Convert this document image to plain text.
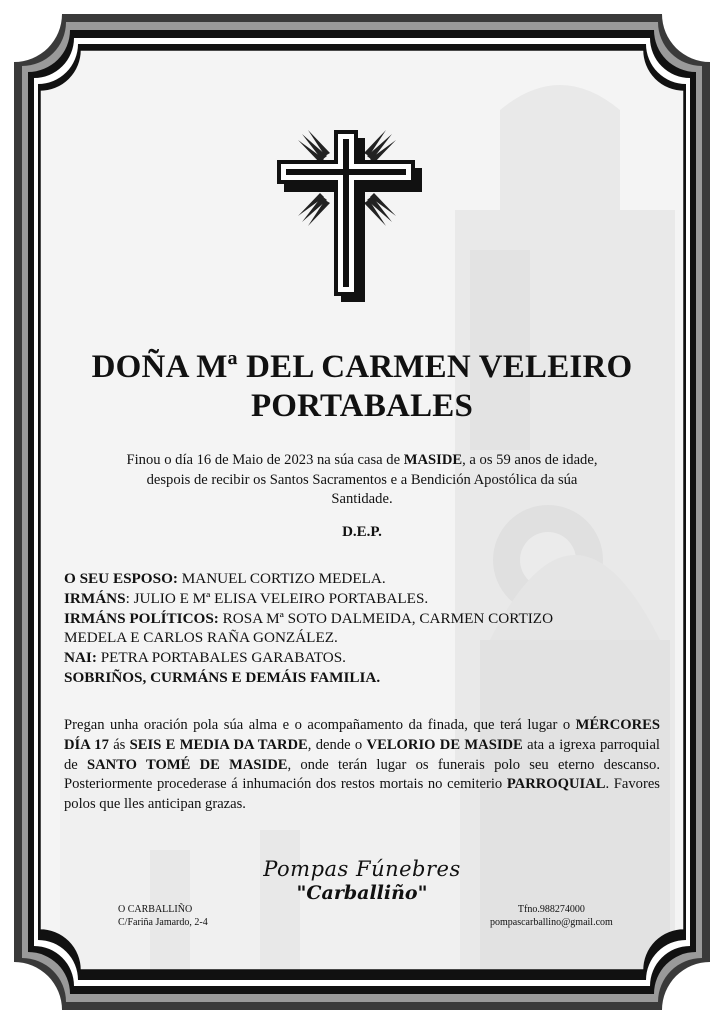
DOÑA Mª DEL CARMEN VELEIRO
PORTABALES
Finou o día 16 de Maio de 2023 na súa casa de MASIDE, a os 59 anos de idade,
despois de recibir os Santos Sacramentos e a Bendición Apostólica da súa
Santidade.
D.E.P.
O SEU ESPOSO: MANUEL CORTIZO MEDELA.
IRMÁNS: JULIO E Mª ELISA VELEIRO PORTABALES.
IRMÁNS POLÍTICOS: ROSA Mª SOTO DALMEIDA, CARMEN CORTIZO
MEDELA E CARLOS RAÑA GONZÁLEZ.
NAI: PETRA PORTABALES GARABATOS.
SOBRIÑOS, CURMÁNS E DEMÁIS FAMILIA.
Pregan unha oración pola súa alma e o acompañamento da finada, que terá lugar o MÉRCORES DÍA 17 ás SEIS E MEDIA DA TARDE, dende o VELORIO DE MASIDE ata a igrexa parroquial de SANTO TOMÉ DE MASIDE, onde terán lugar os funerais polo seu eterno descanso. Posteriormente procederase á inhumación dos restos mortais no cemiterio PARROQUIAL. Favores polos que lles anticipan grazas.
Pompas Fúnebres
"Carballiño"
O CARBALLIÑO
C/Fariña Jamardo, 2-4
Tfno.988274000
pompascarballino@gmail.com
